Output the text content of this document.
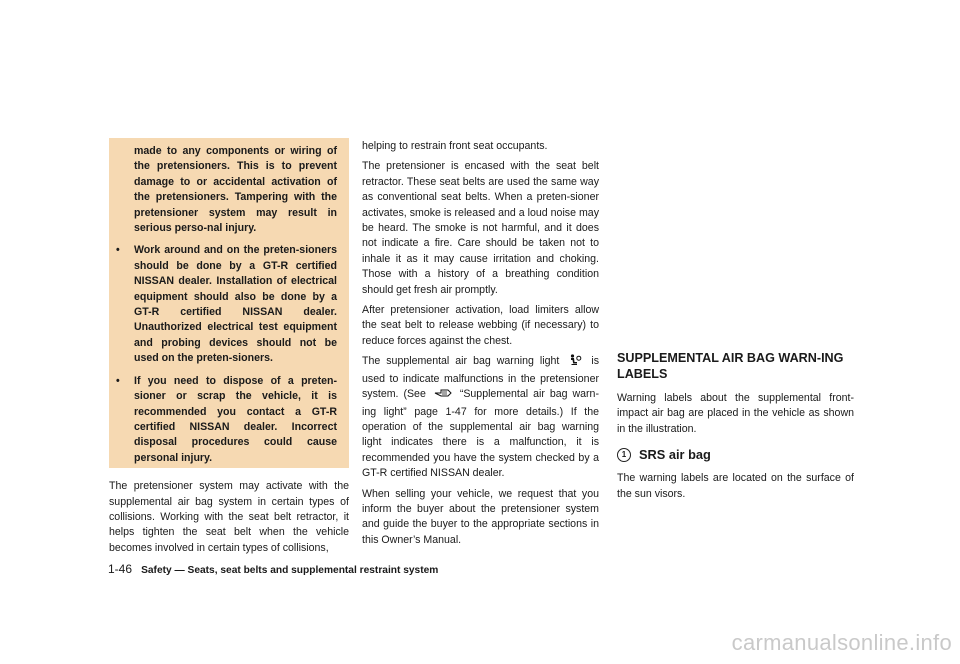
made to any components or wiring of the pretensioners. This is to prevent damage to or accidental activation of the pretensioners. Tampering with the pretensioner system may result in serious perso-nal injury.

•	Work around and on the preten-sioners should be done by a GT-R certified NISSAN dealer. Installation of electrical equipment should also be done by a GT-R certified NISSAN dealer. Unauthorized electrical test equipment and probing devices should not be used on the preten-sioners.
•	If you need to dispose of a preten-sioner or scrap the vehicle, it is recommended you contact a GT-R certified NISSAN dealer. Incorrect disposal procedures could cause personal injury.

The pretensioner system may activate with the supplemental air bag system in certain types of collisions. Working with the seat belt retractor, it helps tighten the seat belt when the vehicle becomes involved in certain types of collisions,

helping to restrain front seat occupants.

The pretensioner is encased with the seat belt retractor. These seat belts are used the same way as conventional seat belts. When a preten-sioner activates, smoke is released and a loud noise may be heard. The smoke is not harmful, and it does not indicate a fire. Care should be taken not to inhale it as it may cause irritation and choking. Those with a history of a breathing condition should get fresh air promptly.

After pretensioner activation, load limiters allow the seat belt to release webbing (if necessary) to reduce forces against the chest.

The supplemental air bag warning light	is used to indicate malfunctions in the pretensioner system. (See	“Supplemental air bag warn-ing light” page 1-47 for more details.) If the operation of the supplemental air bag warning light indicates there is a malfunction, it is recommended you have the system checked by a GT-R certified NISSAN dealer.

When selling your vehicle, we request that you inform the buyer about the pretensioner system and guide the buyer to the appropriate sections in this Owner’s Manual.

SUPPLEMENTAL AIR BAG WARN-ING LABELS

Warning labels about the supplemental front-impact air bag are placed in the vehicle as shown in the illustration.

1 SRS air bag

The warning labels are located on the surface of the sun visors.

1-46 Safety — Seats, seat belts and supplemental restraint system
carmanualsonline.info
